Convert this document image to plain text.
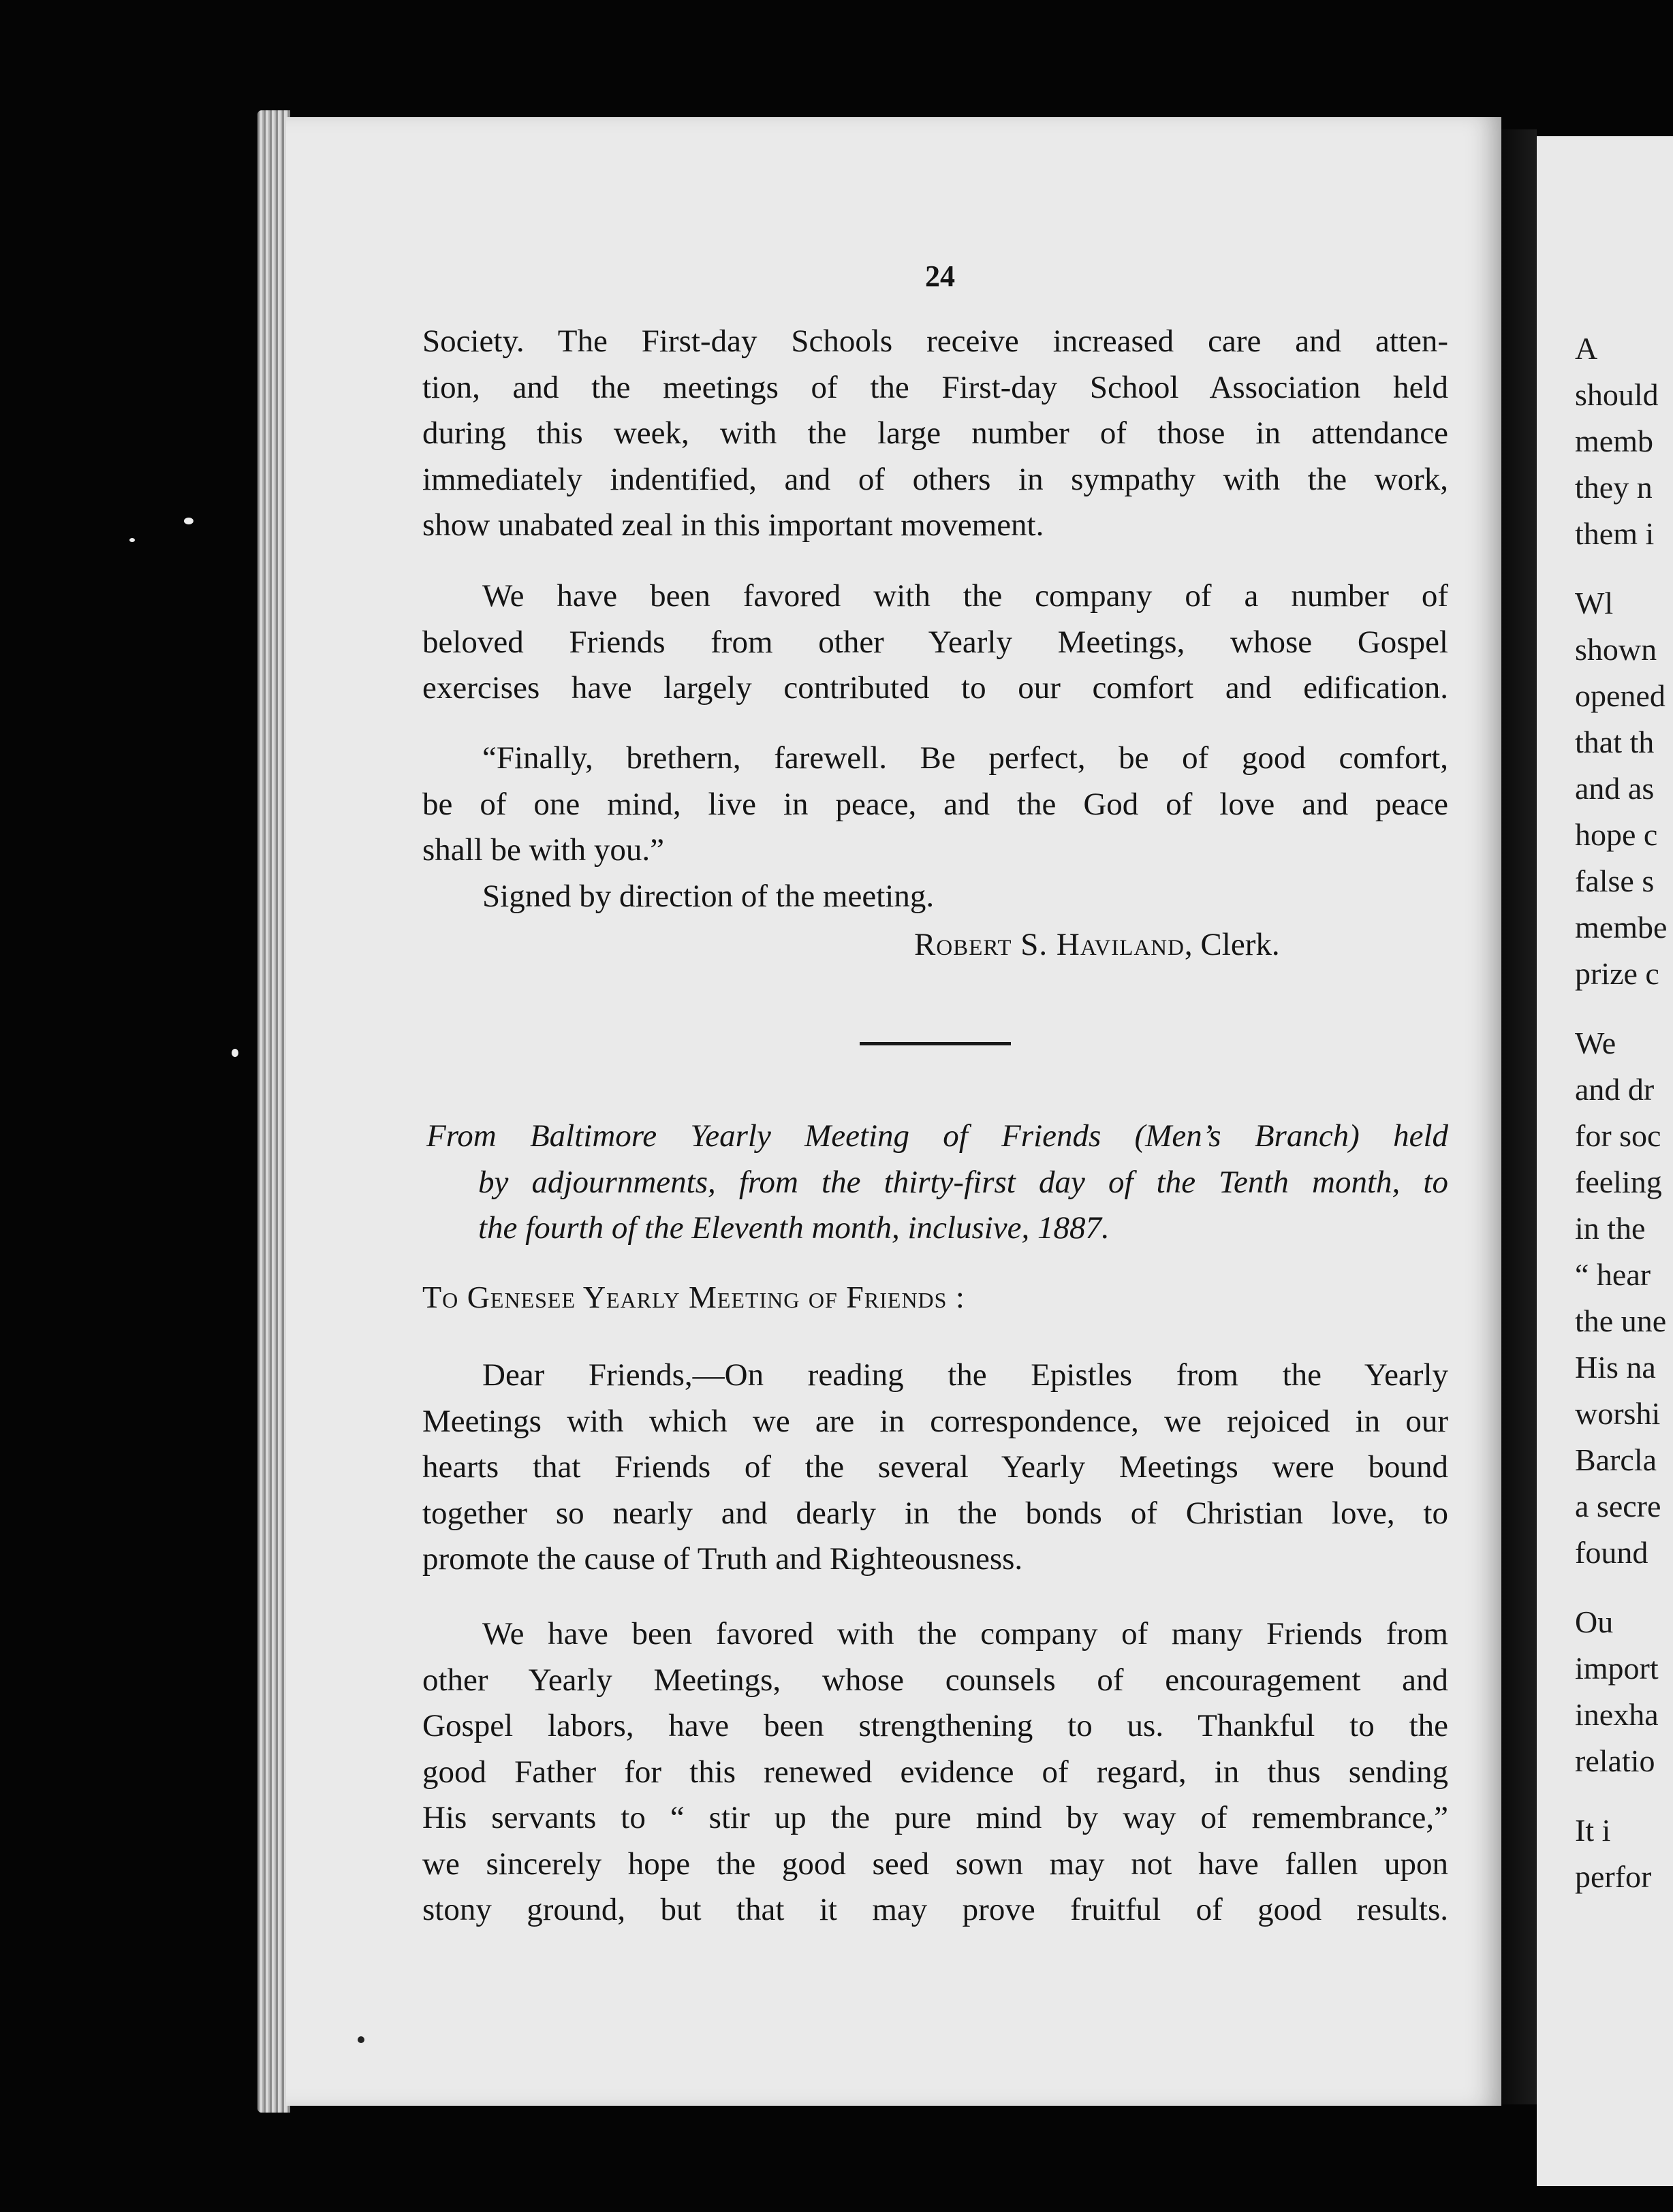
24
Society. The First-day Schools receive increased care and atten-
tion, and the meetings of the First-day School Association held
during this week, with the large number of those in attendance
immediately indentified, and of others in sympathy with the work,
show unabated zeal in this important movement.
We have been favored with the company of a number of
beloved Friends from other Yearly Meetings, whose Gospel
exercises have largely contributed to our comfort and edification.
“Finally, brethern, farewell. Be perfect, be of good comfort,
be of one mind, live in peace, and the God of love and peace
shall be with you.”
Signed by direction of the meeting.
Robert S. Haviland, Clerk.
From Baltimore Yearly Meeting of Friends (Men’s Branch) held
by adjournments, from the thirty-first day of the Tenth month, to
the fourth of the Eleventh month, inclusive, 1887.
To Genesee Yearly Meeting of Friends :
Dear Friends,—On reading the Epistles from the Yearly
Meetings with which we are in correspondence, we rejoiced in our
hearts that Friends of the several Yearly Meetings were bound
together so nearly and dearly in the bonds of Christian love, to
promote the cause of Truth and Righteousness.
We have been favored with the company of many Friends from
other Yearly Meetings, whose counsels of encouragement and
Gospel labors, have been strengthening to us. Thankful to the
good Father for this renewed evidence of regard, in thus sending
His servants to “ stir up the pure mind by way of remembrance,”
we sincerely hope the good seed sown may not have fallen upon
stony ground, but that it may prove fruitful of good results.
A
should
memb
they n
them i
Wl
shown
opened
that th
and as
hope c
false s
membe
prize c
We
and dr
for soc
feeling
in the
“ hear
the une
His na
worshi
Barcla
a secre
found
Ou
import
inexha
relatio
It i
perfor
